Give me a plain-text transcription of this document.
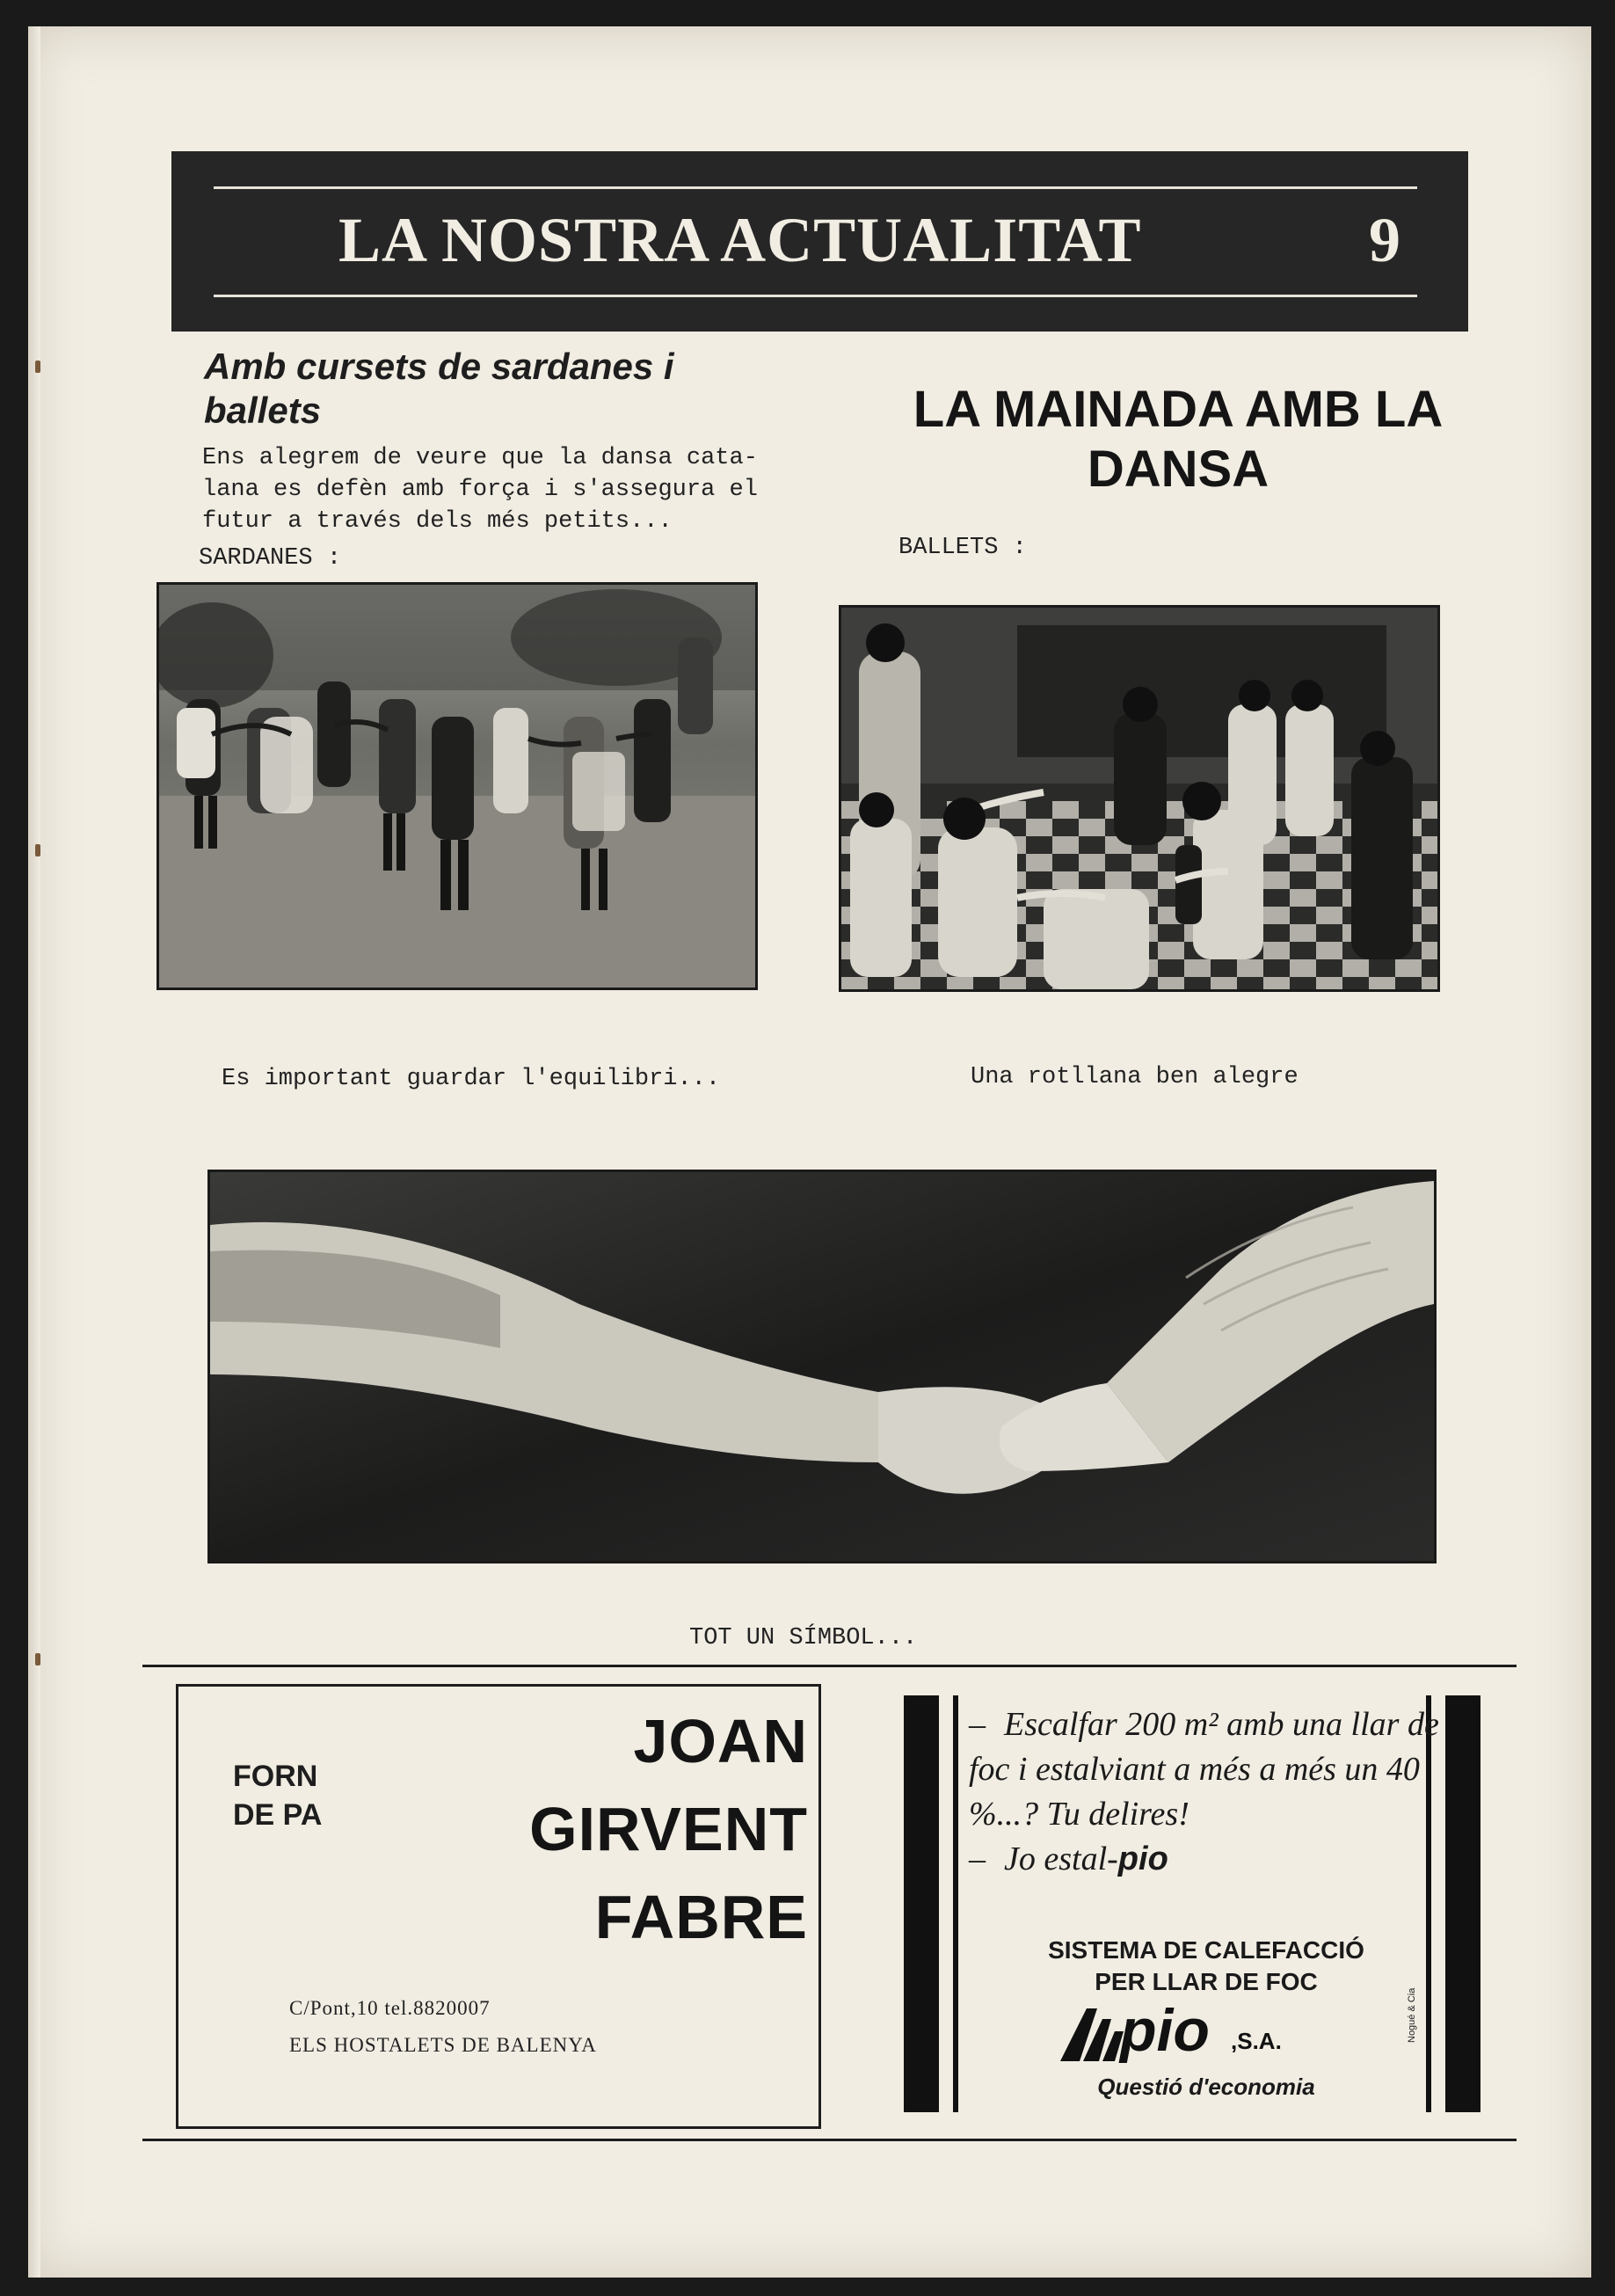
LA NOSTRA ACTUALITAT	9
Amb cursets de sardanes i ballets
Ens alegrem de veure que la dansa cata-
lana es defèn amb força i s'assegura el
futur a través dels més petits...
SARDANES :
LA MAINADA AMB LA DANSA
BALLETS :
Es important guardar l'equilibri...	Una rotllana ben alegre
TOT UN SÍMBOL...
FORN
DE PA
JOAN
GIRVENT
FABRE
C/Pont,10 tel.8820007
ELS HOSTALETS DE BALENYA
– Escalfar 200 m² amb una llar de foc i estalviant a més a més un 40 %...? Tu delires!
– Jo estal-pio
SISTEMA DE CALEFACCIÓ
PER LLAR DE FOC
pio ,S.A.
Questió d'economia
Nogué & Cia
